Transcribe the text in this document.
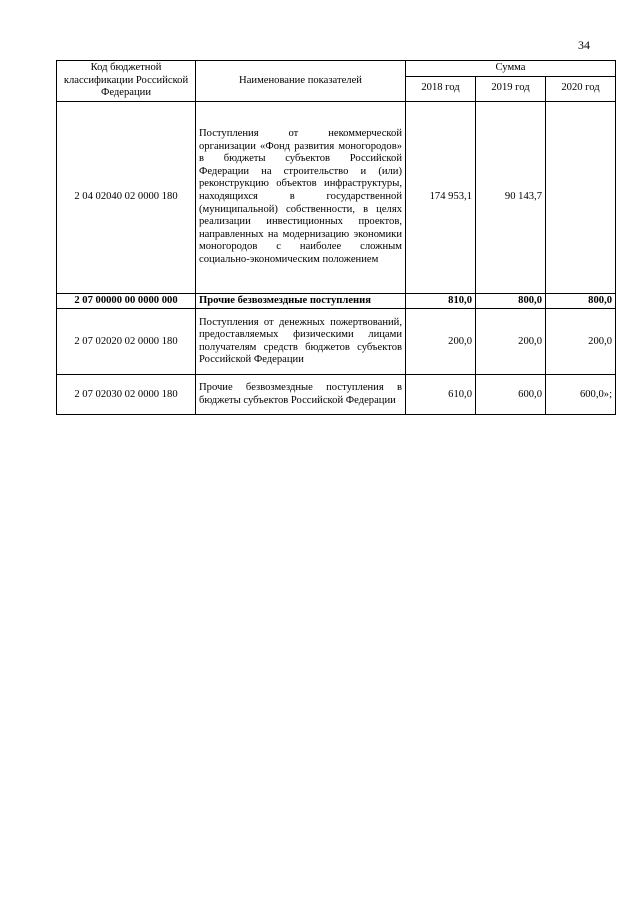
34
Код бюджетной классификации Российской Федерации	Наименование показателей	Сумма		
		2018 год	2019 год	2020 год
2 04 02040 02 0000 180	Поступления от некоммерческой организации «Фонд развития моногородов» в бюджеты субъектов Российской Федерации на строительство и (или) реконструкцию объектов инфраструктуры, находящихся в государственной (муниципальной) собственности, в целях реализации инвестиционных проектов, направленных на модернизацию экономики моногородов с наиболее сложным социально-экономическим положением	174 953,1	90 143,7	
2 07 00000 00 0000 000	Прочие безвозмездные поступления	810,0	800,0	800,0
2 07 02020 02 0000 180	Поступления от денежных пожертвований, предоставляемых физическими лицами получателям средств бюджетов субъектов Российской Федерации	200,0	200,0	200,0
2 07 02030 02 0000 180	Прочие безвозмездные поступления в бюджеты субъектов Российской Федерации	610,0	600,0	600,0»;
